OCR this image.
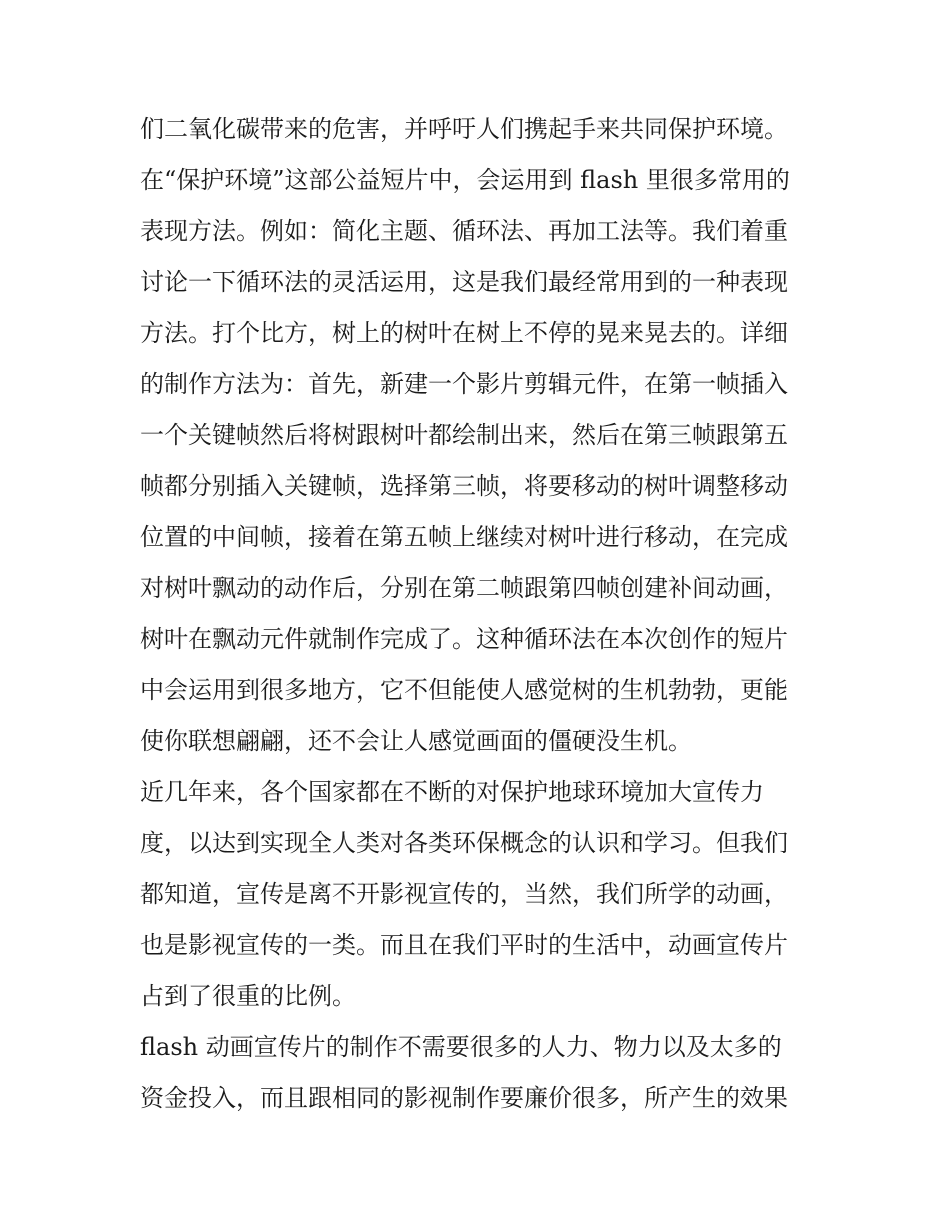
们二氧化碳带来的危害，并呼吁人们携起手来共同保护环境。
在“保护环境”这部公益短片中，会运用到 flash 里很多常用的
表现方法。例如：简化主题、循环法、再加工法等。我们着重
讨论一下循环法的灵活运用，这是我们最经常用到的一种表现
方法。打个比方，树上的树叶在树上不停的晃来晃去的。详细
的制作方法为：首先，新建一个影片剪辑元件，在第一帧插入
一个关键帧然后将树跟树叶都绘制出来，然后在第三帧跟第五
帧都分别插入关键帧，选择第三帧，将要移动的树叶调整移动
位置的中间帧，接着在第五帧上继续对树叶进行移动，在完成
对树叶飘动的动作后，分别在第二帧跟第四帧创建补间动画，
树叶在飘动元件就制作完成了。这种循环法在本次创作的短片
中会运用到很多地方，它不但能使人感觉树的生机勃勃，更能
使你联想翩翩，还不会让人感觉画面的僵硬没生机。
近几年来，各个国家都在不断的对保护地球环境加大宣传力
度，以达到实现全人类对各类环保概念的认识和学习。但我们
都知道，宣传是离不开影视宣传的，当然，我们所学的动画，
也是影视宣传的一类。而且在我们平时的生活中，动画宣传片
占到了很重的比例。
flash 动画宣传片的制作不需要很多的人力、物力以及太多的
资金投入，而且跟相同的影视制作要廉价很多，所产生的效果
